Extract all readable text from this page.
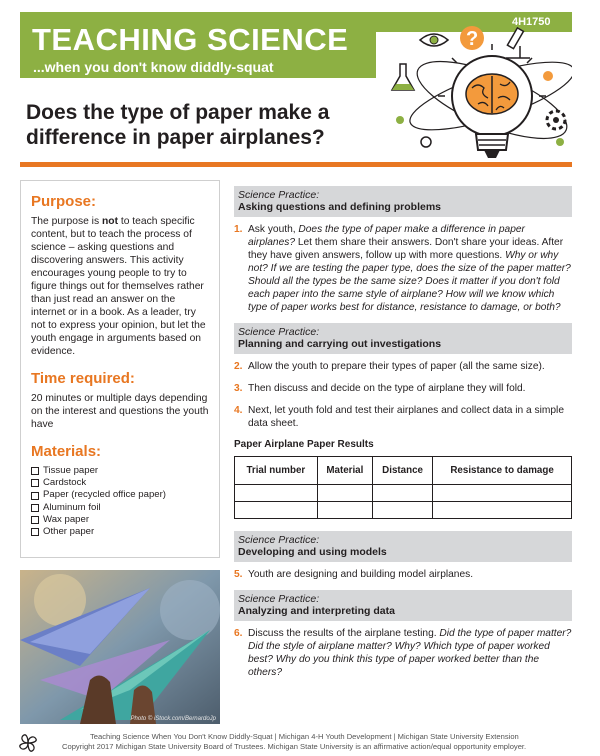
TEACHING SCIENCE
...when you don't know diddly-squat
4H1750
?
Does the type of paper make a difference in paper airplanes?
Purpose:

The purpose is not to teach specific content, but to teach the process of science – asking questions and discovering answers. This activity encourages young people to try to figure things out for themselves rather than just read an answer on the internet or in a book. As a leader, try not to express your opinion, but let the youth engage in arguments based on evidence.

Time required:

20 minutes or multiple days depending on the interest and questions the youth have

Materials:
Tissue paper
Cardstock
Paper (recycled office paper)
Aluminum foil
Wax paper
Other paper
Photo © iStock.com/BernardoJp
Science Practice:
Asking questions and defining problems
1. Ask youth, Does the type of paper make a difference in paper airplanes? Let them share their answers. Don't share your ideas. After they have given answers, follow up with more questions. Why or why not? If we are testing the paper type, does the size of the paper matter? Should all the types be the same size? Does it matter if you don't fold each paper into the same style of airplane? How will we know which type of paper works best for distance, resistance to damage, or both?
Science Practice:
Planning and carrying out investigations
2. Allow the youth to prepare their types of paper (all the same size).
3. Then discuss and decide on the type of airplane they will fold.
4. Next, let youth fold and test their airplanes and collect data in a simple data sheet.
Paper Airplane Paper Results
Trial number	Material	Distance	Resistance to damage

Science Practice:
Developing and using models
5. Youth are designing and building model airplanes.
Science Practice:
Analyzing and interpreting data
6. Discuss the results of the airplane testing. Did the type of paper matter? Did the style of airplane matter? Why? Which type of paper worked best? Why do you think this type of paper worked better than the others?
Teaching Science When You Don't Know Diddly-Squat | Michigan 4-H Youth Development | Michigan State University Extension
Copyright 2017 Michigan State University Board of Trustees. Michigan State University is an affirmative action/equal opportunity employer.
